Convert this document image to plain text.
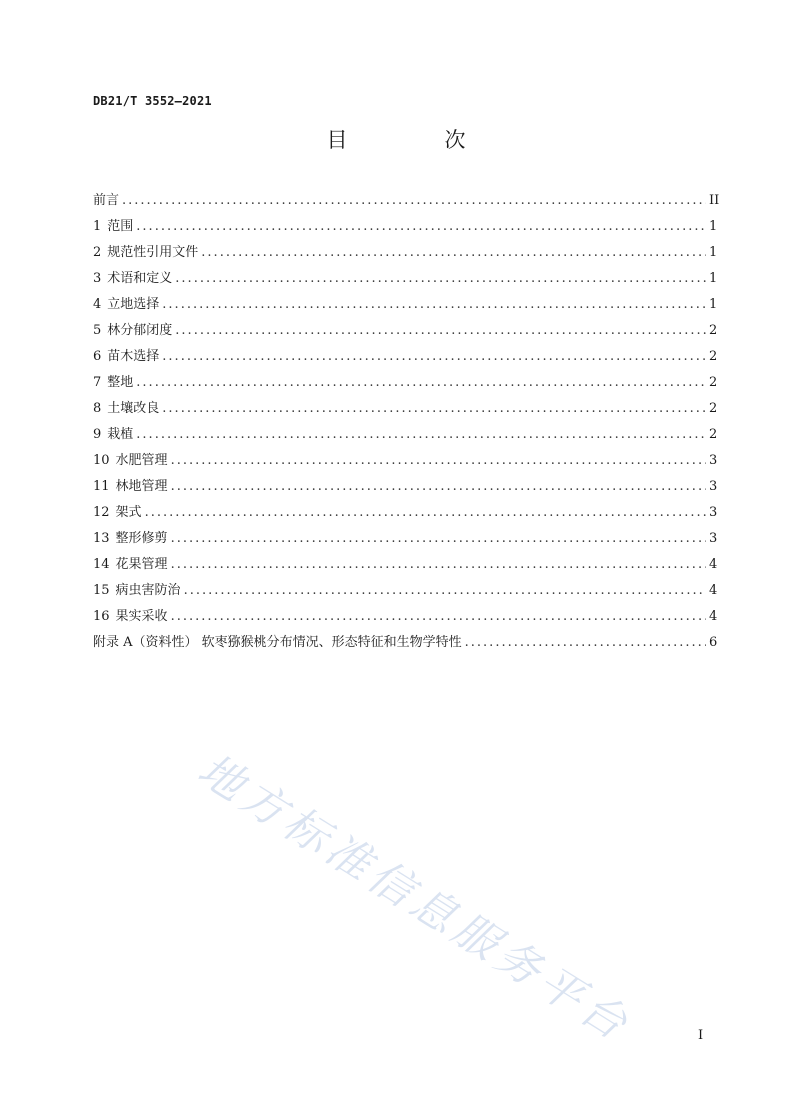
DB21/T 3552—2021
目　次
前言 .....	II
1 范围 .....	1
2 规范性引用文件 .....	1
3 术语和定义 .....	1
4 立地选择 .....	1
5 林分郁闭度 .....	2
6 苗木选择 .....	2
7 整地 .....	2
8 土壤改良 .....	2
9 栽植 .....	2
10 水肥管理 .....	3
11 林地管理 .....	3
12 架式 .....	3
13 整形修剪 .....	3
14 花果管理 .....	4
15 病虫害防治 .....	4
16 果实采收 .....	4
附录 A（资料性） 软枣猕猴桃分布情况、形态特征和生物学特性 .....	6
地方标准信息服务平台	I
